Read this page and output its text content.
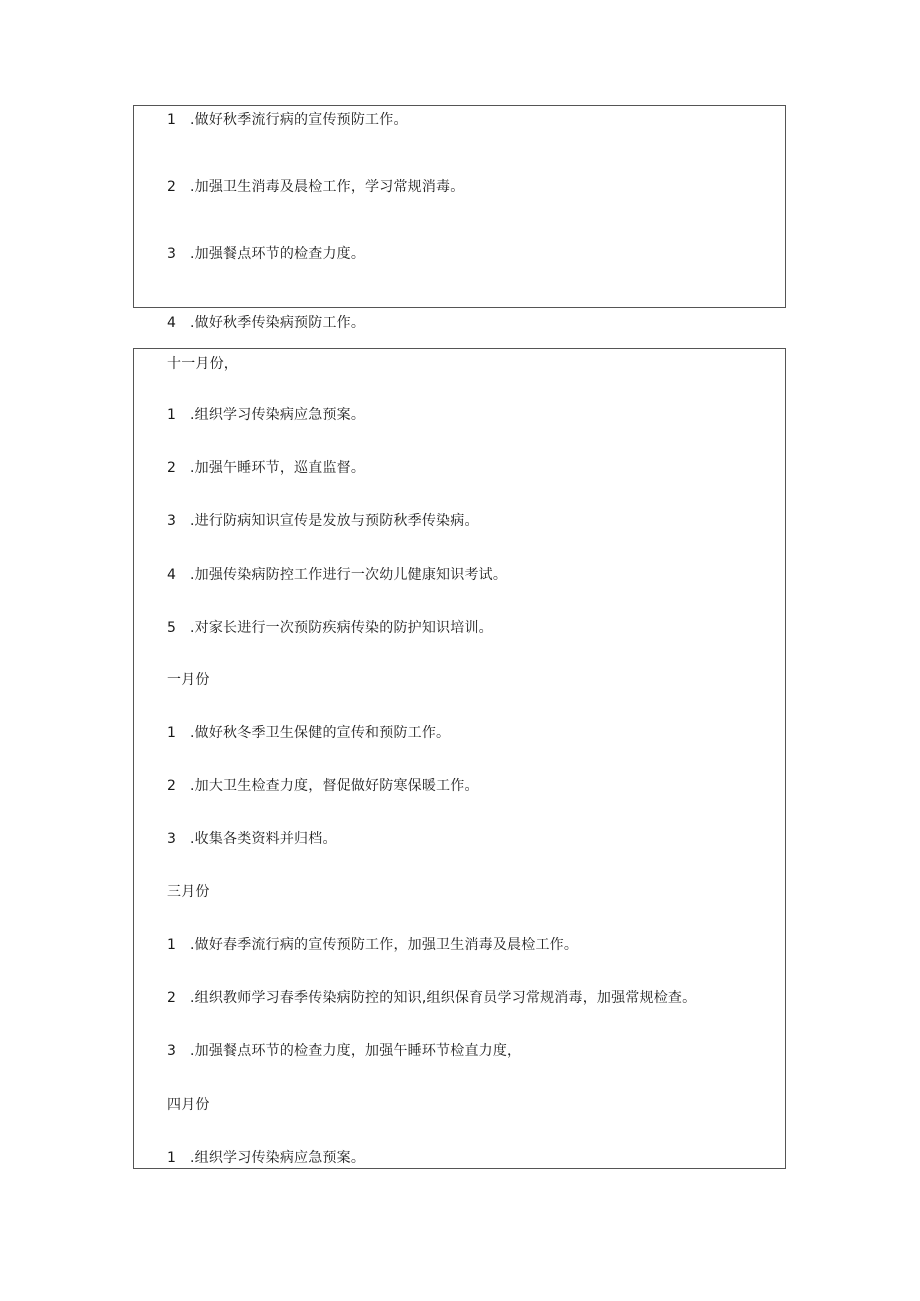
1 .做好秋季流行病的宣传预防工作。
2 .加强卫生消毒及晨检工作，学习常规消毒。
3 .加强餐点环节的检查力度。
4 .做好秋季传染病预防工作。
十一月份，
1 .组织学习传染病应急预案。
2 .加强午睡环节，巡直监督。
3 .进行防病知识宣传是发放与预防秋季传染病。
4 .加强传染病防控工作进行一次幼儿健康知识考试。
5 .对家长进行一次预防疾病传染的防护知识培训。
一月份
1 .做好秋冬季卫生保健的宣传和预防工作。
2 .加大卫生检查力度，督促做好防寒保暖工作。
3 .收集各类资料并归档。
三月份
1 .做好春季流行病的宣传预防工作，加强卫生消毒及晨检工作。
2 .组织教师学习春季传染病防控的知识,组织保育员学习常规消毒，加强常规检查。
3 .加强餐点环节的检查力度，加强午睡环节检直力度，
四月份
1 .组织学习传染病应急预案。
